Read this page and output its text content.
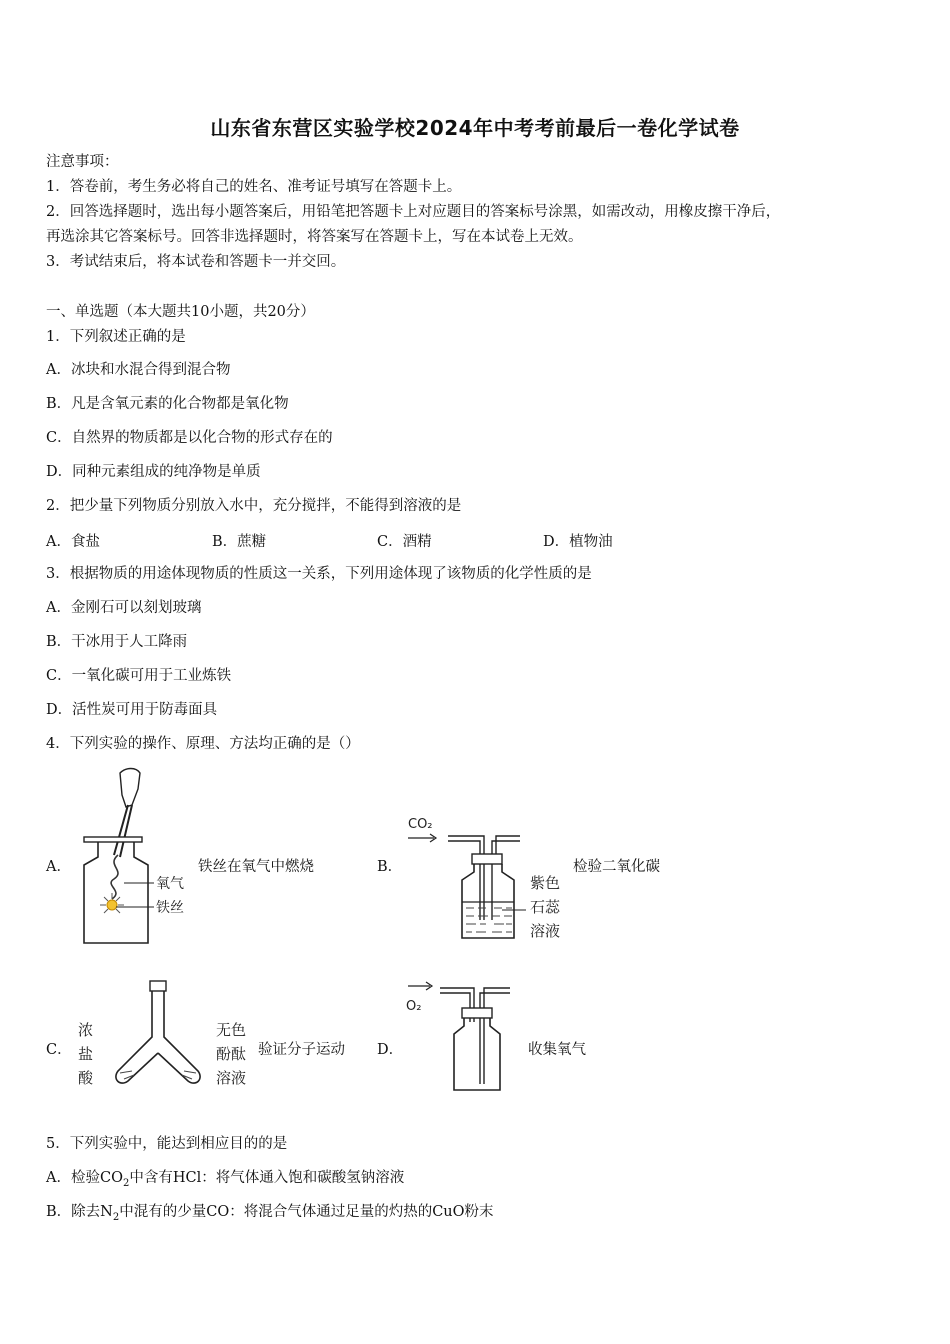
山东省东营区实验学校2024年中考考前最后一卷化学试卷
注意事项：
1．答卷前，考生务必将自己的姓名、准考证号填写在答题卡上。
2．回答选择题时，选出每小题答案后，用铅笔把答题卡上对应题目的答案标号涂黑，如需改动，用橡皮擦干净后，
再选涂其它答案标号。回答非选择题时，将答案写在答题卡上，写在本试卷上无效。
3．考试结束后，将本试卷和答题卡一并交回。
一、单选题（本大题共10小题，共20分）
1．下列叙述正确的是
A．冰块和水混合得到混合物
B．凡是含氧元素的化合物都是氧化物
C．自然界的物质都是以化合物的形式存在的
D．同种元素组成的纯净物是单质
2．把少量下列物质分别放入水中，充分搅拌，不能得到溶液的是
A．食盐	B．蔗糖	C．酒精	D．植物油
3．根据物质的用途体现物质的性质这一关系，下列用途体现了该物质的化学性质的是
A．金刚石可以刻划玻璃
B．干冰用于人工降雨
C．一氧化碳可用于工业炼铁
D．活性炭可用于防毒面具
4．下列实验的操作、原理、方法均正确的是（）
A．
氧气
铁丝
铁丝在氧气中燃烧	B．
CO₂
紫色
石蕊
溶液
检验二氧化碳
C．
浓
盐
酸
无色
酚酞
溶液
验证分子运动 D．
O₂
收集氧气
5．下列实验中，能达到相应目的的是
A．检验$CO_2$中含有HCl：将气体通入饱和碳酸氢钠溶液
B．除去$N_2$中混有的少量CO：将混合气体通过足量的灼热的CuO粉末
